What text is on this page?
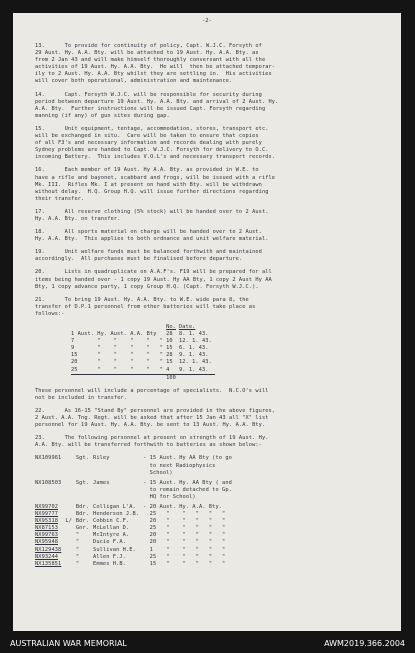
-2-
13.      To provide for continuity of policy, Capt. W.J.C. Forsyth of
29 Aust. Hy. A.A. Bty. will be attached to 19 Aust. Hy. A.A. Bty. as
from 2 Jan 43 and will make himself thoroughly conversant with all the
activities of 19 Aust. Hy. A.A. Bty.  He will  then be attached temporar-
ily to 2 Aust. Hy. A.A. Bty whilst they are settling in.  His activities
will cover both operational, administration and maintenance.
14.      Capt. Forsyth W.J.C. will be responsible for security during
period between departure 19 Aust. Hy. A.A. Bty. and arrival of 2 Aust. Hy.
A.A. Bty.  Further instructions will be issued Capt. Forsyth regarding
manning (if any) of gun sites during gap.
15.      Unit equipment, tentage, accommodation, stores, transport etc.
will be exchanged in situ.  Care will be taken to ensure that copies
of all F3's and necessary information and records dealing with purely
Sydney problems are handed to Capt. W.J.C. Forsyth for delivery to O.C.
incoming Battery.  This includes V.O.L's and necessary transport records.
16.      Each member of 19 Aust. Hy A.A. Bty. as provided in W.E. to
have a rifle and bayonet, scabbard and frogs, will be issued with a rifle
Mk. III.  Rifles Mk. I at present on hand with Bty. will be withdrawn
without delay.  H.Q. Group H.Q. will issue further directions regarding
their transfer.
17.      All reserve clothing (5% stock) will be handed over to 2 Aust.
Hy. A.A. Bty. on transfer.
18.      All sports material on charge will be handed over to 2 Aust.
Hy. A.A. Bty.  This applies to both ordnance and unit welfare material.
19.      Unit welfare funds must be balanced forthwith and maintained
accordingly.  All purchases must be finalised before departure.
20.      Lists in quadruplicate on A.A.F's. F19 will be prepared for all
items being handed over - 1 copy 19 Aust. Hy AA Bty, 1 copy 2 Aust Hy AA
Bty, 1 copy advance party, 1 copy Group H.Q. (Capt. Forsyth W.J.C.).
21.      To bring 19 Aust. Hy. A.A. Bty. to W.E. wide para 8, the
transfer of D.P.1 personnel from other batteries will take place as
follows:-
	No.	Date.
1 Aust. Hy. Aust. A.A. Bty	28	8. 1. 43.
7       "    "    "    "   "	10	12. 1. 43.
9       "    "    "    "   "	15	6. 1. 43.
15      "    "    "    "   "	28	9. 1. 43.
20      "    "    "    "   "	15	12. 1. 43.
25      "    "    "    "   "	4	9. 1. 43.
	100	
These personnel will include a percentage of specialists.  N.C.O's will
not be included in transfer.
22.      As 16-15 "Stand By" personnel are provided in the above figures,
2 Aust. A.A. Tng. Regt. will be asked that after 15 Jan 43 all "X" list
personnel for 19 Aust. Hy. A.A. Bty. be sent to 13 Aust. Hy. A.A. Bty.
23.      The following personnel at present on strength of 19 Aust. Hy.
A.A. Bty. will be transferred forthwith to batteries as shown below:-
NX109961		Sgt.	Riley	- 15 Aust. Hy AA Bty (to go
to next Radiophysics
School)

NX108503		Sgt.	James	- 15 Aust. Hy. AA Bty ( and
to remain detached to Gp.
HQ for School)

NX99702		Bdr.	Colligan L'A.	- 20 Aust. Hy. A.A. Bty.
NX99777		Bdr.	Henderson J.B.	25   "    "   "   "   "
NX95318	L/	Bdr.	Cobbin C.F.	20   "    "   "   "   "
NX87153		Gnr.	McLellan D.	25   "    "   "   "   "
NX99763		"	McIntyre A.	20   "    "   "   "   "
NX95948		"	Ducie F.A.	20   "    "   "   "   "
NX129438		"	Sullivan H.E.	1    "    "   "   "   "
NX93244		"	Allen F.J.	25   "    "   "   "   "
NX135851		"	Emmes H.B.	15   "    "   "   "   "
AUSTRALIAN WAR MEMORIAL	AWM2019.366.2004
